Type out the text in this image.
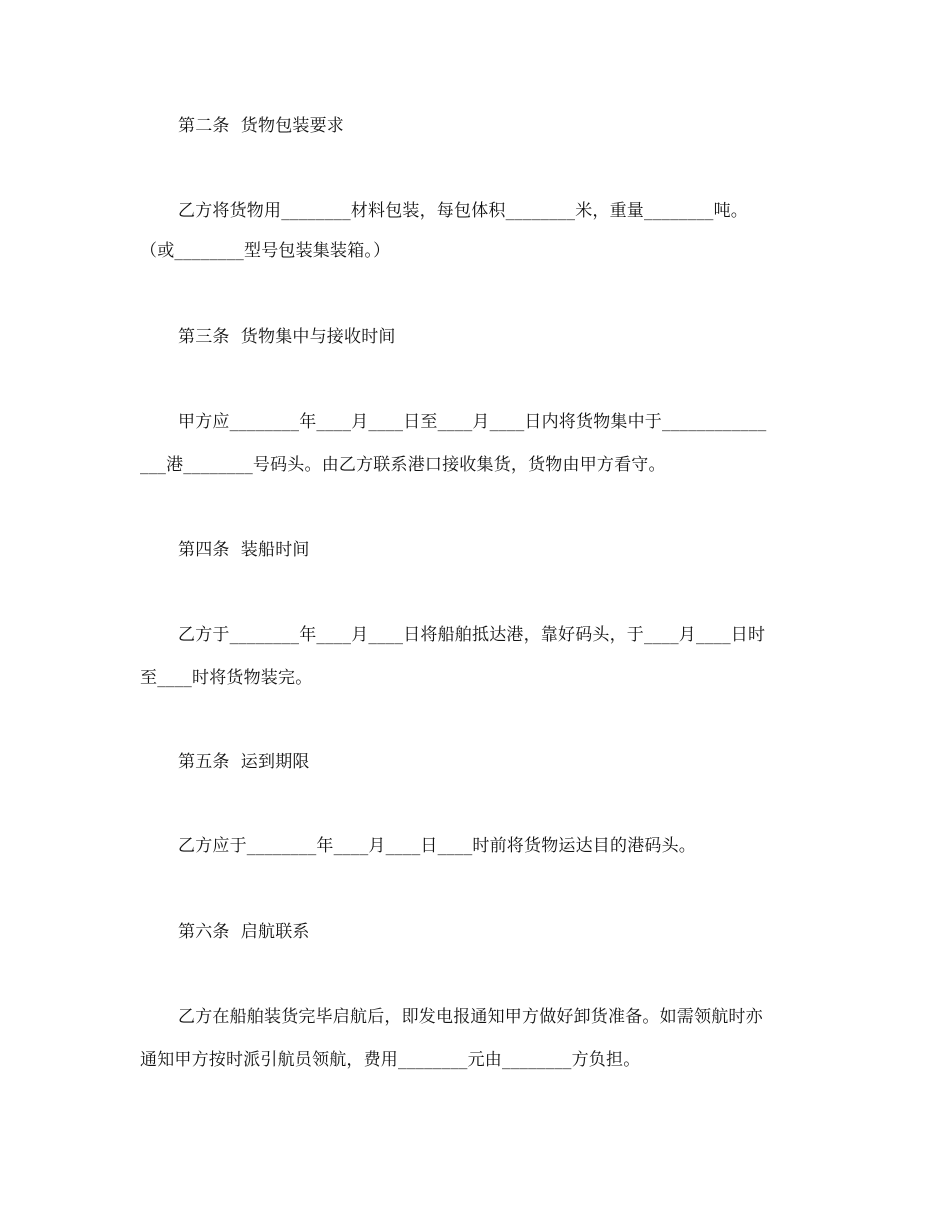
第二条  货物包装要求
乙方将货物用________材料包装，每包体积________米，重量________吨。
（或________型号包装集装箱。）
第三条  货物集中与接收时间
甲方应________年____月____日至____月____日内将货物集中于____________
___港________号码头。由乙方联系港口接收集货，货物由甲方看守。
第四条  装船时间
乙方于________年____月____日将船舶抵达港，靠好码头，于____月____日时
至____时将货物装完。
第五条  运到期限
乙方应于________年____月____日____时前将货物运达目的港码头。
第六条  启航联系
乙方在船舶装货完毕启航后，即发电报通知甲方做好卸货准备。如需领航时亦
通知甲方按时派引航员领航，费用________元由________方负担。
